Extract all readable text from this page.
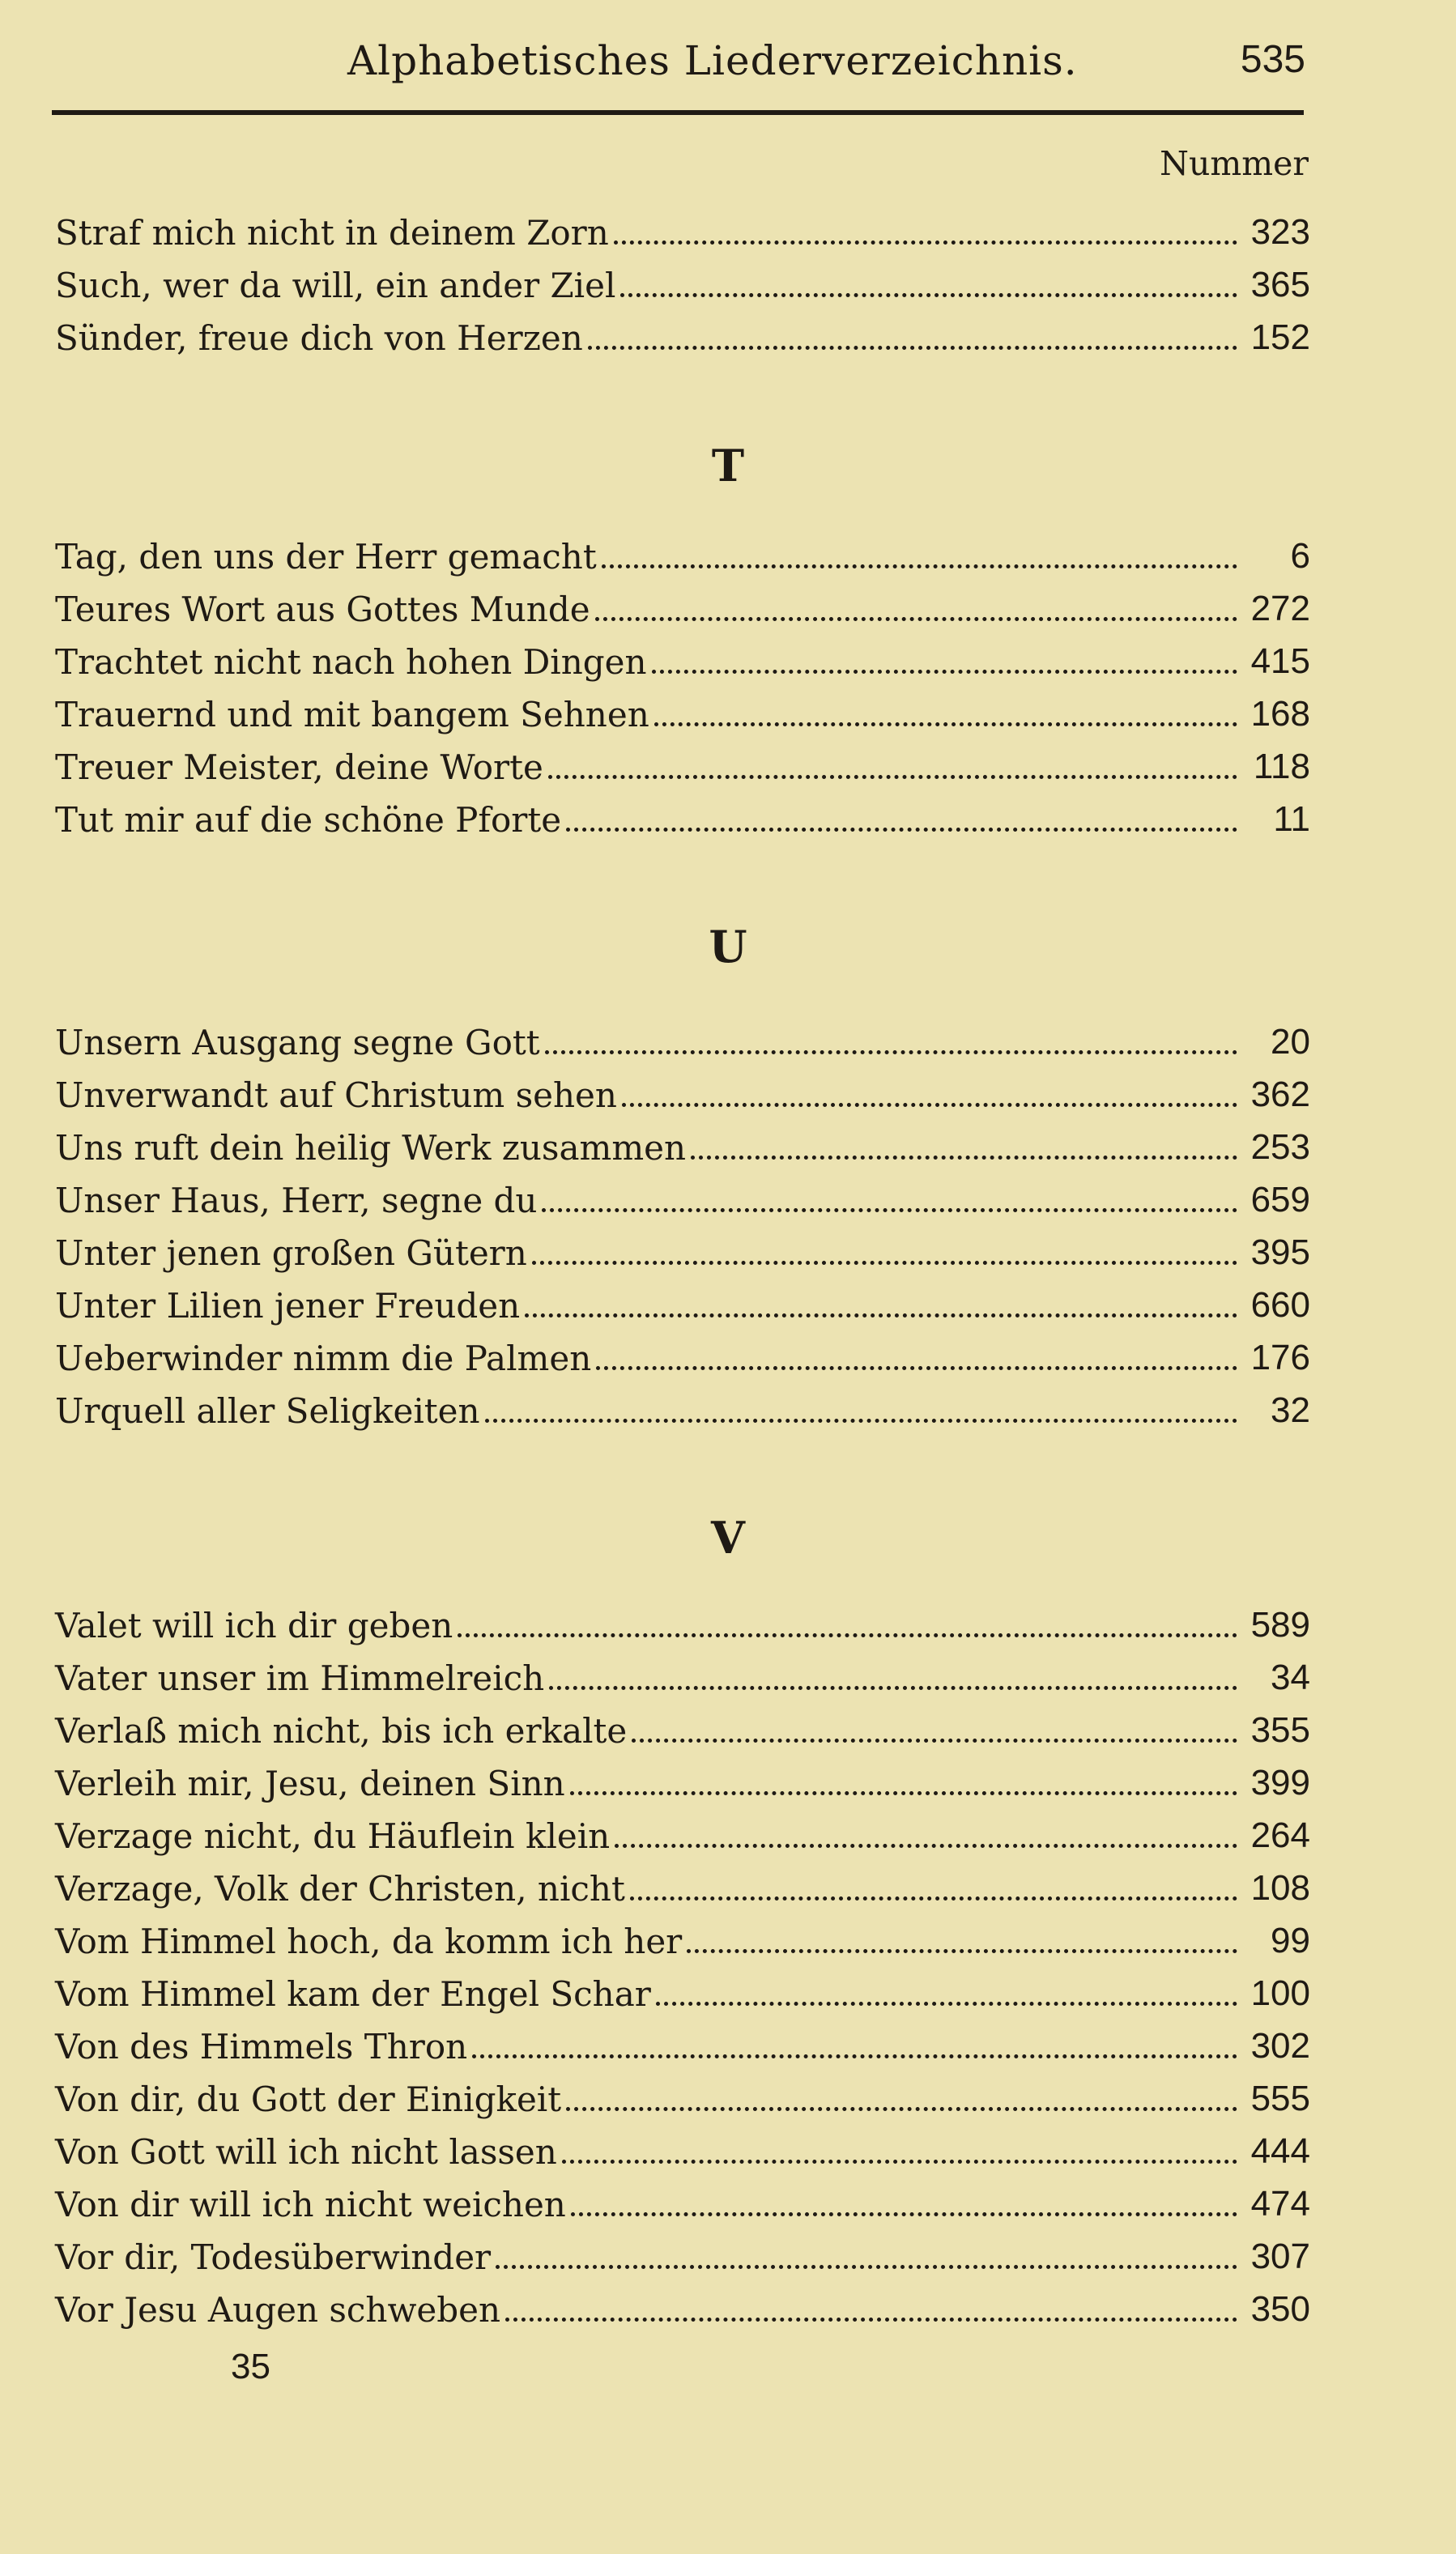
Alphabetisches Liederverzeichnis.	535
Nummer
Straf mich nicht in deinem Zorn	323
Such, wer da will, ein ander Ziel	365
Sünder, freue dich von Herzen	152
T
Tag, den uns der Herr gemacht	6
Teures Wort aus Gottes Munde	272
Trachtet nicht nach hohen Dingen	415
Trauernd und mit bangem Sehnen	168
Treuer Meister, deine Worte	118
Tut mir auf die schöne Pforte	11
U
Unsern Ausgang segne Gott	20
Unverwandt auf Christum sehen	362
Uns ruft dein heilig Werk zusammen	253
Unser Haus, Herr, segne du	659
Unter jenen großen Gütern	395
Unter Lilien jener Freuden	660
Ueberwinder nimm die Palmen	176
Urquell aller Seligkeiten	32
V
Valet will ich dir geben	589
Vater unser im Himmelreich	34
Verlaß mich nicht, bis ich erkalte	355
Verleih mir, Jesu, deinen Sinn	399
Verzage nicht, du Häuflein klein	264
Verzage, Volk der Christen, nicht	108
Vom Himmel hoch, da komm ich her	99
Vom Himmel kam der Engel Schar	100
Von des Himmels Thron	302
Von dir, du Gott der Einigkeit	555
Von Gott will ich nicht lassen	444
Von dir will ich nicht weichen	474
Vor dir, Todesüberwinder	307
Vor Jesu Augen schweben	350
35
